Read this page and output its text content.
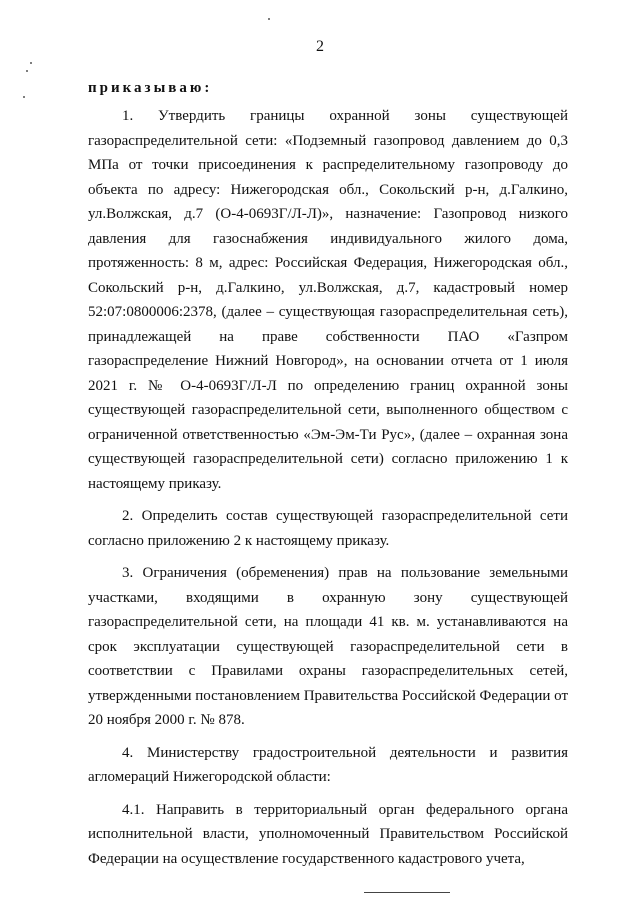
2
приказываю:

1. Утвердить границы охранной зоны существующей газораспределительной сети: «Подземный газопровод давлением до 0,3 МПа от точки присоединения к распределительному газопроводу до объекта по адресу: Нижегородская обл., Сокольский р-н, д.Галкино, ул.Волжская, д.7 (О-4-0693Г/Л-Л)», назначение: Газопровод низкого давления для газоснабжения индивидуального жилого дома, протяженность: 8 м, адрес: Российская Федерация, Нижегородская обл., Сокольский р-н, д.Галкино, ул.Волжская, д.7, кадастровый номер 52:07:0800006:2378, (далее – существующая газораспределительная сеть), принадлежащей на праве собственности ПАО «Газпром газораспределение Нижний Новгород», на основании отчета от 1 июля 2021 г. № О-4-0693Г/Л-Л по определению границ охранной зоны существующей газораспределительной сети, выполненного обществом с ограниченной ответственностью «Эм-Эм-Ти Рус», (далее – охранная зона существующей газораспределительной сети) согласно приложению 1 к настоящему приказу.

2. Определить состав существующей газораспределительной сети согласно приложению 2 к настоящему приказу.

3. Ограничения (обременения) прав на пользование земельными участками, входящими в охранную зону существующей газораспределительной сети, на площади 41 кв. м. устанавливаются на срок эксплуатации существующей газораспределительной сети в соответствии с Правилами охраны газораспределительных сетей, утвержденными постановлением Правительства Российской Федерации от 20 ноября 2000 г. № 878.

4. Министерству градостроительной деятельности и развития агломераций Нижегородской области:

4.1. Направить в территориальный орган федерального органа исполнительной власти, уполномоченный Правительством Российской Федерации на осуществление государственного кадастрового учета,
